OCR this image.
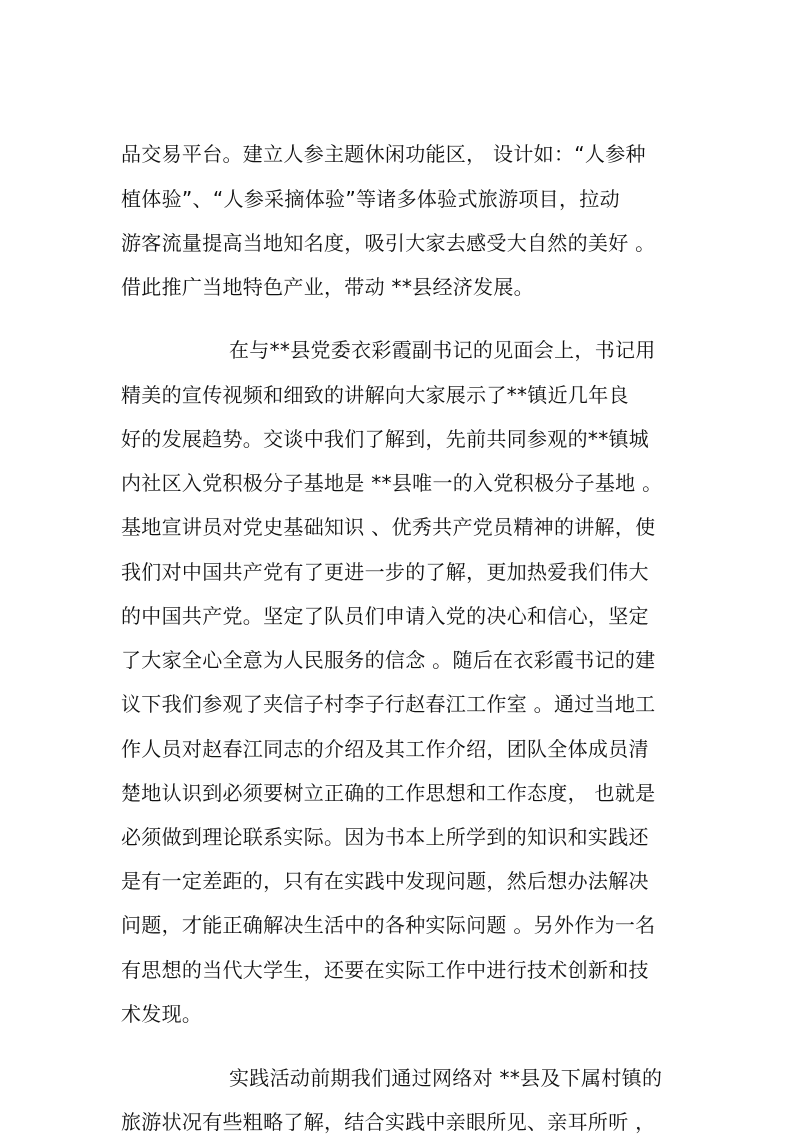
品交易平台。建立人参主题休闲功能区， 设计如：“人参种
植体验”、“人参采摘体验”等诸多体验式旅游项目，拉动
游客流量提高当地知名度，吸引大家去感受大自然的美好 。
借此推广当地特色产业，带动 **县经济发展。
在与**县党委衣彩霞副书记的见面会上，书记用
精美的宣传视频和细致的讲解向大家展示了**镇近几年良
好的发展趋势。交谈中我们了解到，先前共同参观的**镇城
内社区入党积极分子基地是 **县唯一的入党积极分子基地 。
基地宣讲员对党史基础知识 、优秀共产党员精神的讲解，使
我们对中国共产党有了更进一步的了解，更加热爱我们伟大
的中国共产党。坚定了队员们申请入党的决心和信心，坚定
了大家全心全意为人民服务的信念 。随后在衣彩霞书记的建
议下我们参观了夹信子村李子行赵春江工作室 。通过当地工
作人员对赵春江同志的介绍及其工作介绍，团队全体成员清
楚地认识到必须要树立正确的工作思想和工作态度， 也就是
必须做到理论联系实际。因为书本上所学到的知识和实践还
是有一定差距的，只有在实践中发现问题，然后想办法解决
问题，才能正确解决生活中的各种实际问题 。另外作为一名
有思想的当代大学生，还要在实际工作中进行技术创新和技
术发现。
实践活动前期我们通过网络对 **县及下属村镇的
旅游状况有些粗略了解，结合实践中亲眼所见、亲耳所听 ，
